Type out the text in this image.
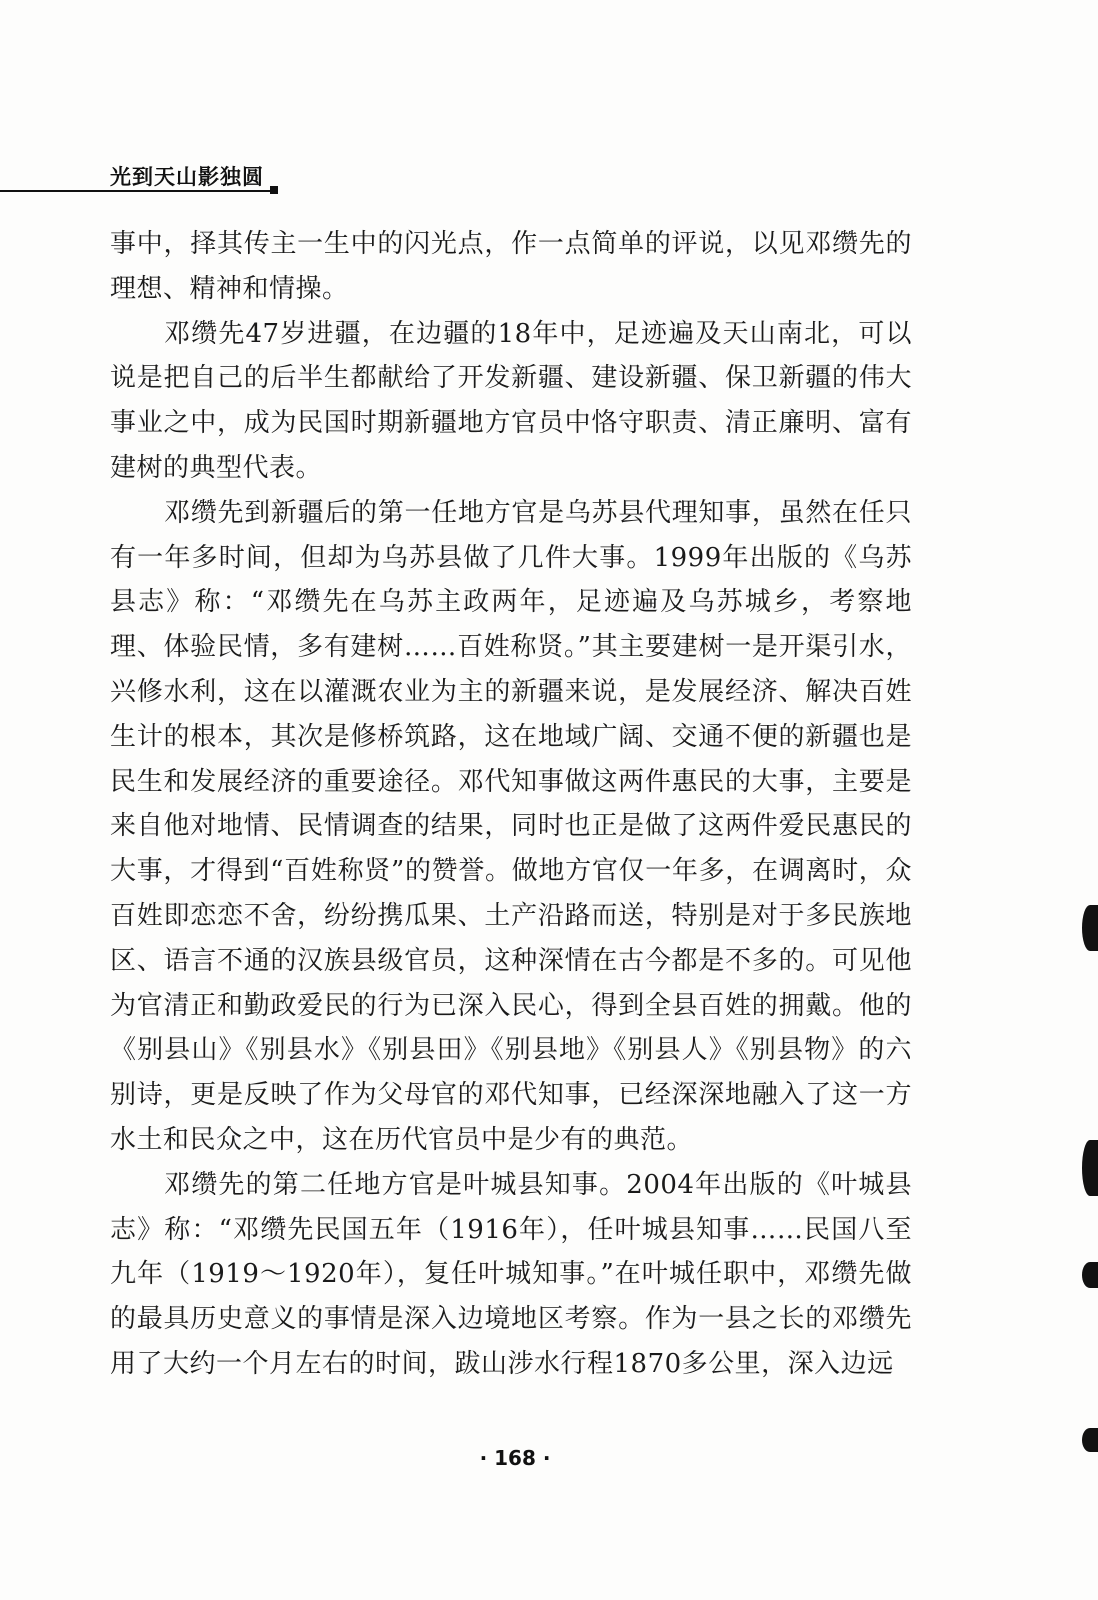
光到天山影独圆

事中，择其传主一生中的闪光点，作一点简单的评说，以见邓缵先的理想、精神和情操。

邓缵先47岁进疆，在边疆的18年中，足迹遍及天山南北，可以说是把自己的后半生都献给了开发新疆、建设新疆、保卫新疆的伟大事业之中，成为民国时期新疆地方官员中恪守职责、清正廉明、富有建树的典型代表。

邓缵先到新疆后的第一任地方官是乌苏县代理知事，虽然在任只有一年多时间，但却为乌苏县做了几件大事。1999年出版的《乌苏县志》称：“邓缵先在乌苏主政两年，足迹遍及乌苏城乡，考察地理、体验民情，多有建树……百姓称贤。”其主要建树一是开渠引水，兴修水利，这在以灌溉农业为主的新疆来说，是发展经济、解决百姓生计的根本，其次是修桥筑路，这在地域广阔、交通不便的新疆也是民生和发展经济的重要途径。邓代知事做这两件惠民的大事，主要是来自他对地情、民情调查的结果，同时也正是做了这两件爱民惠民的大事，才得到“百姓称贤”的赞誉。做地方官仅一年多，在调离时，众百姓即恋恋不舍，纷纷携瓜果、土产沿路而送，特别是对于多民族地区、语言不通的汉族县级官员，这种深情在古今都是不多的。可见他为官清正和勤政爱民的行为已深入民心，得到全县百姓的拥戴。他的《别县山》《别县水》《别县田》《别县地》《别县人》《别县物》的六别诗，更是反映了作为父母官的邓代知事，已经深深地融入了这一方水土和民众之中，这在历代官员中是少有的典范。

邓缵先的第二任地方官是叶城县知事。2004年出版的《叶城县志》称：“邓缵先民国五年（1916年），任叶城县知事……民国八至九年（1919～1920年），复任叶城知事。”在叶城任职中，邓缵先做的最具历史意义的事情是深入边境地区考察。作为一县之长的邓缵先用了大约一个月左右的时间，跋山涉水行程1870多公里，深入边远

· 168 ·
